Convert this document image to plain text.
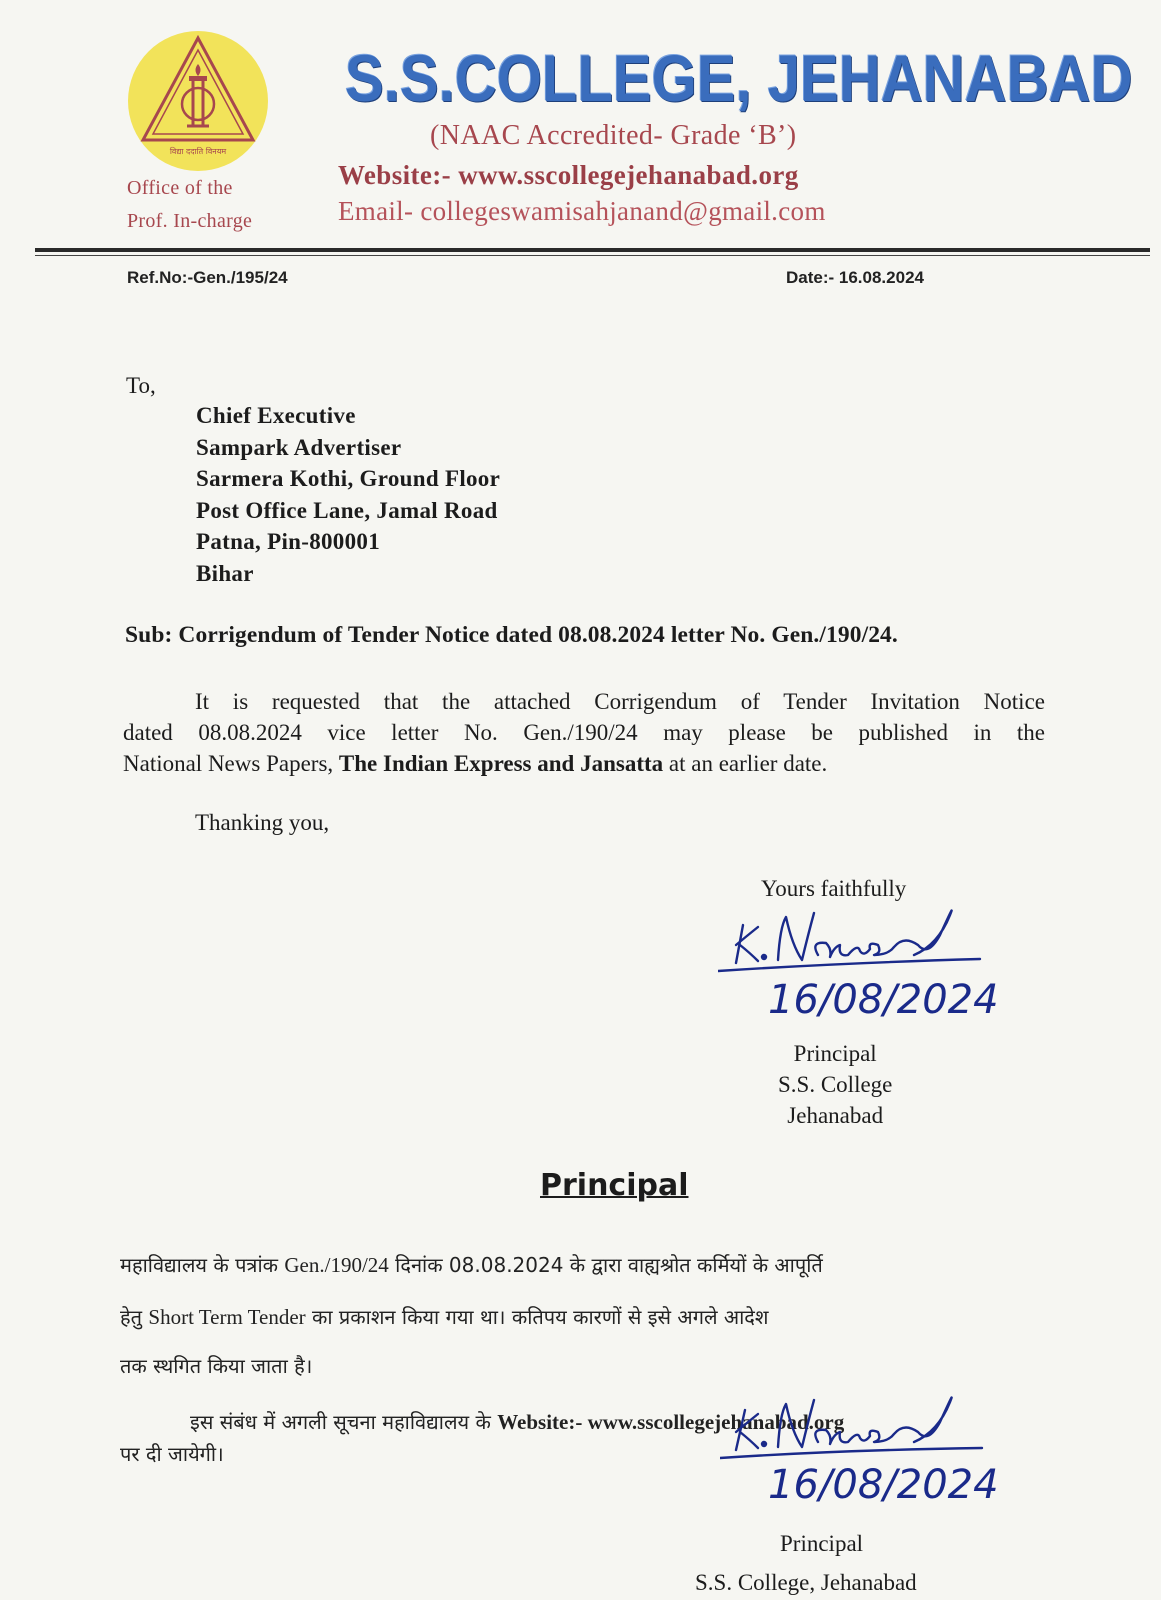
विद्या ददाति विनयम
Office of the
Prof. In-charge
S.S.COLLEGE, JEHANABAD
(NAAC Accredited- Grade ‘B’)
Website:- www.sscollegejehanabad.org
Email- collegeswamisahjanand@gmail.com
Ref.No:-Gen./195/24	Date:- 16.08.2024
To,
Chief Executive
Sampark Advertiser
Sarmera Kothi, Ground Floor
Post Office Lane, Jamal Road
Patna, Pin-800001
Bihar
Sub: Corrigendum of Tender Notice dated 08.08.2024 letter No. Gen./190/24.
It is requested that the attached Corrigendum of Tender Invitation Notice
dated 08.08.2024 vice letter No. Gen./190/24 may please be published in the
National News Papers, The Indian Express and Jansatta at an earlier date.
Thanking you,
Yours faithfully
16/08/2024
Principal
S.S. College
Jehanabad
Principal
महाविद्यालय के पत्रांक Gen./190/24 दिनांक 08.08.2024 के द्वारा वाह्यश्रोत कर्मियों के आपूर्ति
हेतु Short Term Tender का प्रकाशन किया गया था। कतिपय कारणों से इसे अगले आदेश
तक स्थगित किया जाता है।
इस संबंध में अगली सूचना महाविद्यालय के Website:- www.sscollegejehanabad.org
पर दी जायेगी।
16/08/2024
Principal
S.S. College, Jehanabad
